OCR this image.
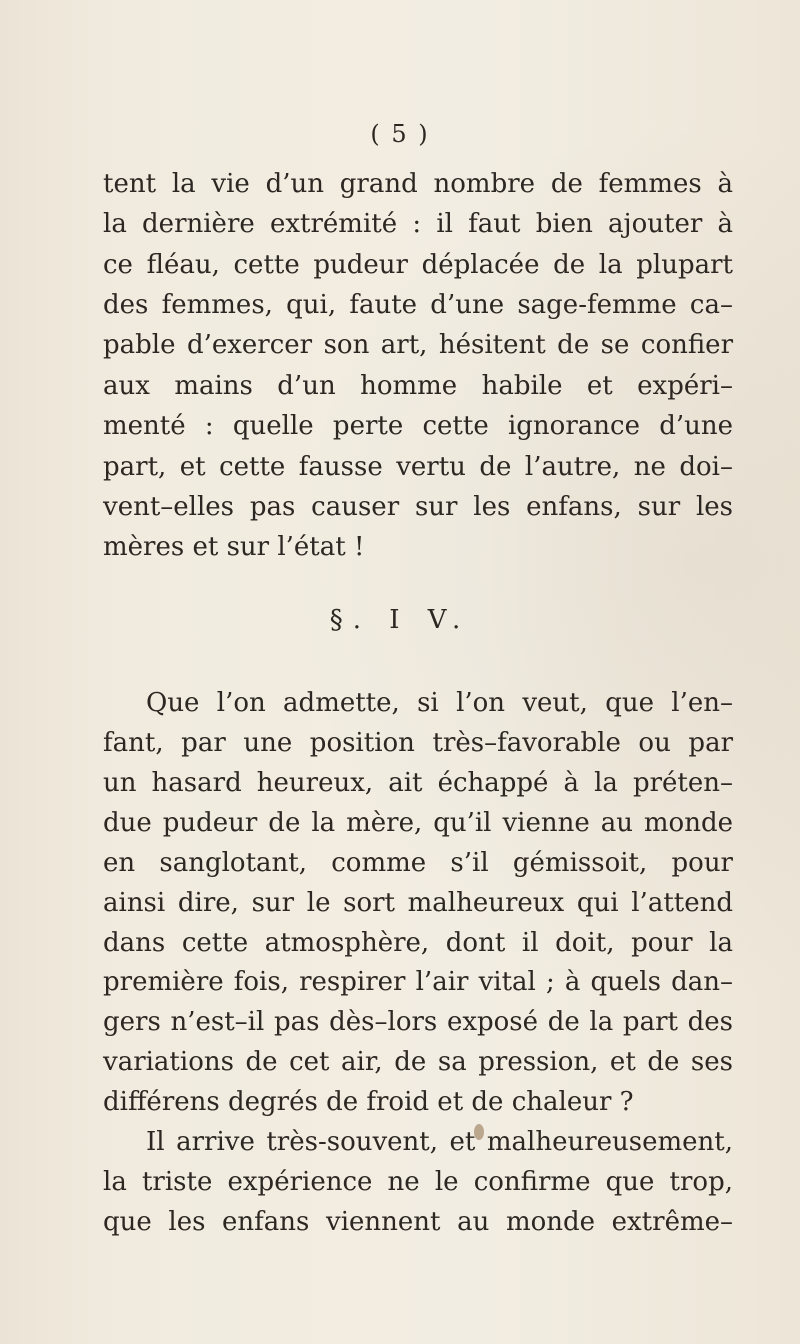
( 5 )
tent la vie d’un grand nombre de femmes à
la dernière extrémité : il faut bien ajouter à
ce fléau, cette pudeur déplacée de la plupart
des femmes, qui, faute d’une sage-femme ca–
pable d’exercer son art, hésitent de se confier
aux mains d’un homme habile et expéri–
menté : quelle perte cette ignorance d’une
part, et cette fausse vertu de l’autre, ne doi–
vent–elles pas causer sur les enfans, sur les
mères et sur l’état !
§. I V.
Que l’on admette, si l’on veut, que l’en–
fant, par une position très–favorable ou par
un hasard heureux, ait échappé à la préten–
due pudeur de la mère, qu’il vienne au monde
en sanglotant, comme s’il gémissoit, pour
ainsi dire, sur le sort malheureux qui l’attend
dans cette atmosphère, dont il doit, pour la
première fois, respirer l’air vital ; à quels dan–
gers n’est–il pas dès–lors exposé de la part des
variations de cet air, de sa pression, et de ses
différens degrés de froid et de chaleur ?
Il arrive très-souvent, et malheureusement,
la triste expérience ne le confirme que trop,
que les enfans viennent au monde extrême–
